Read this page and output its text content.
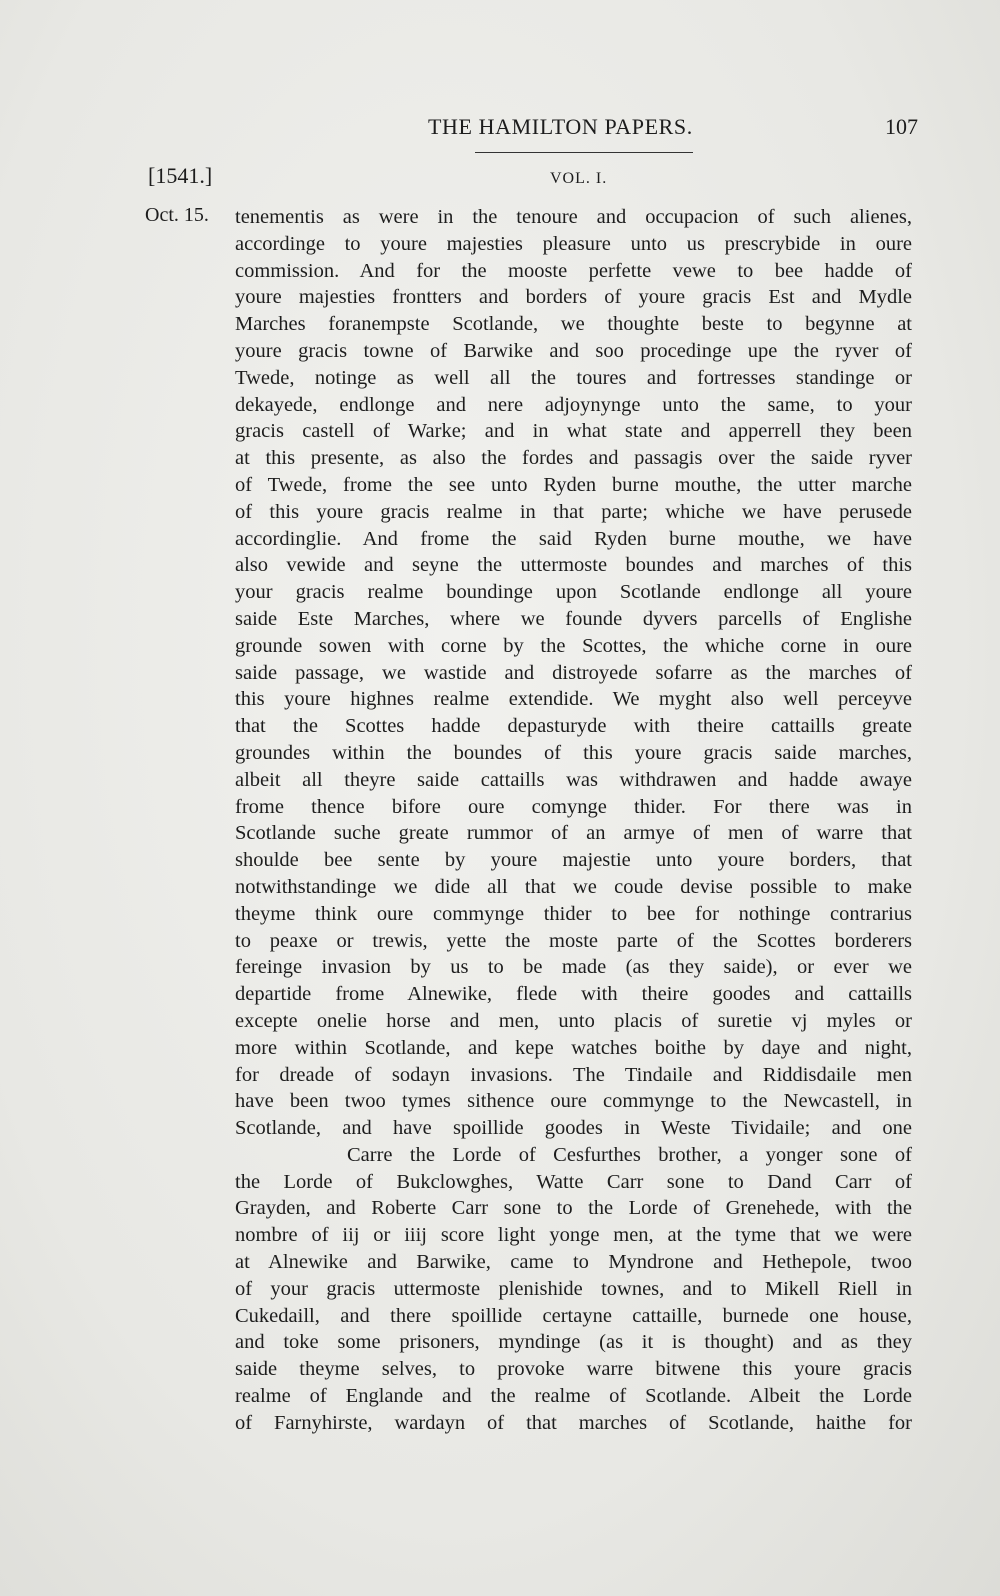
THE HAMILTON PAPERS.	107
[1541.]	VOL. I.
Oct. 15. tenementis as were in the tenoure and occupacion of such alienes,
accordinge to youre majesties pleasure unto us prescrybide in oure
commission. And for the mooste perfette vewe to bee hadde of
youre majesties frontters and borders of youre gracis Est and Mydle
Marches foranempste Scotlande, we thoughte beste to begynne at
youre gracis towne of Barwike and soo procedinge upe the ryver of
Twede, notinge as well all the toures and fortresses standinge or
dekayede, endlonge and nere adjoynynge unto the same, to your
gracis castell of Warke; and in what state and apperrell they been
at this presente, as also the fordes and passagis over the saide ryver
of Twede, frome the see unto Ryden burne mouthe, the utter marche
of this youre gracis realme in that parte; whiche we have perusede
accordinglie. And frome the said Ryden burne mouthe, we have
also vewide and seyne the uttermoste boundes and marches of this
your gracis realme boundinge upon Scotlande endlonge all youre
saide Este Marches, where we founde dyvers parcells of Englishe
grounde sowen with corne by the Scottes, the whiche corne in oure
saide passage, we wastide and distroyede sofarre as the marches of
this youre highnes realme extendide. We myght also well perceyve
that the Scottes hadde depasturyde with theire cattaills greate
groundes within the boundes of this youre gracis saide marches,
albeit all theyre saide cattaills was withdrawen and hadde awaye
frome thence bifore oure comynge thider. For there was in
Scotlande suche greate rummor of an armye of men of warre that
shoulde bee sente by youre majestie unto youre borders, that
notwithstandinge we dide all that we coude devise possible to make
theyme think oure commynge thider to bee for nothinge contrarius
to peaxe or trewis, yette the moste parte of the Scottes borderers
fereinge invasion by us to be made (as they saide), or ever we
departide frome Alnewike, flede with theire goodes and cattaills
excepte onelie horse and men, unto placis of suretie vj myles or
more within Scotlande, and kepe watches boithe by daye and night,
for dreade of sodayn invasions. The Tindaile and Riddisdaile men
have been twoo tymes sithence oure commynge to the Newcastell, in
Scotlande, and have spoillide goodes in Weste Tividaile; and one
Carre the Lorde of Cesfurthes brother, a yonger sone of
the Lorde of Bukclowghes, Watte Carr sone to Dand Carr of
Grayden, and Roberte Carr sone to the Lorde of Grenehede, with the
nombre of iij or iiij score light yonge men, at the tyme that we were
at Alnewike and Barwike, came to Myndrone and Hethepole, twoo
of your gracis uttermoste plenishide townes, and to Mikell Riell in
Cukedaill, and there spoillide certayne cattaille, burnede one house,
and toke some prisoners, myndinge (as it is thought) and as they
saide theyme selves, to provoke warre bitwene this youre gracis
realme of Englande and the realme of Scotlande. Albeit the Lorde
of Farnyhirste, wardayn of that marches of Scotlande, haithe for
